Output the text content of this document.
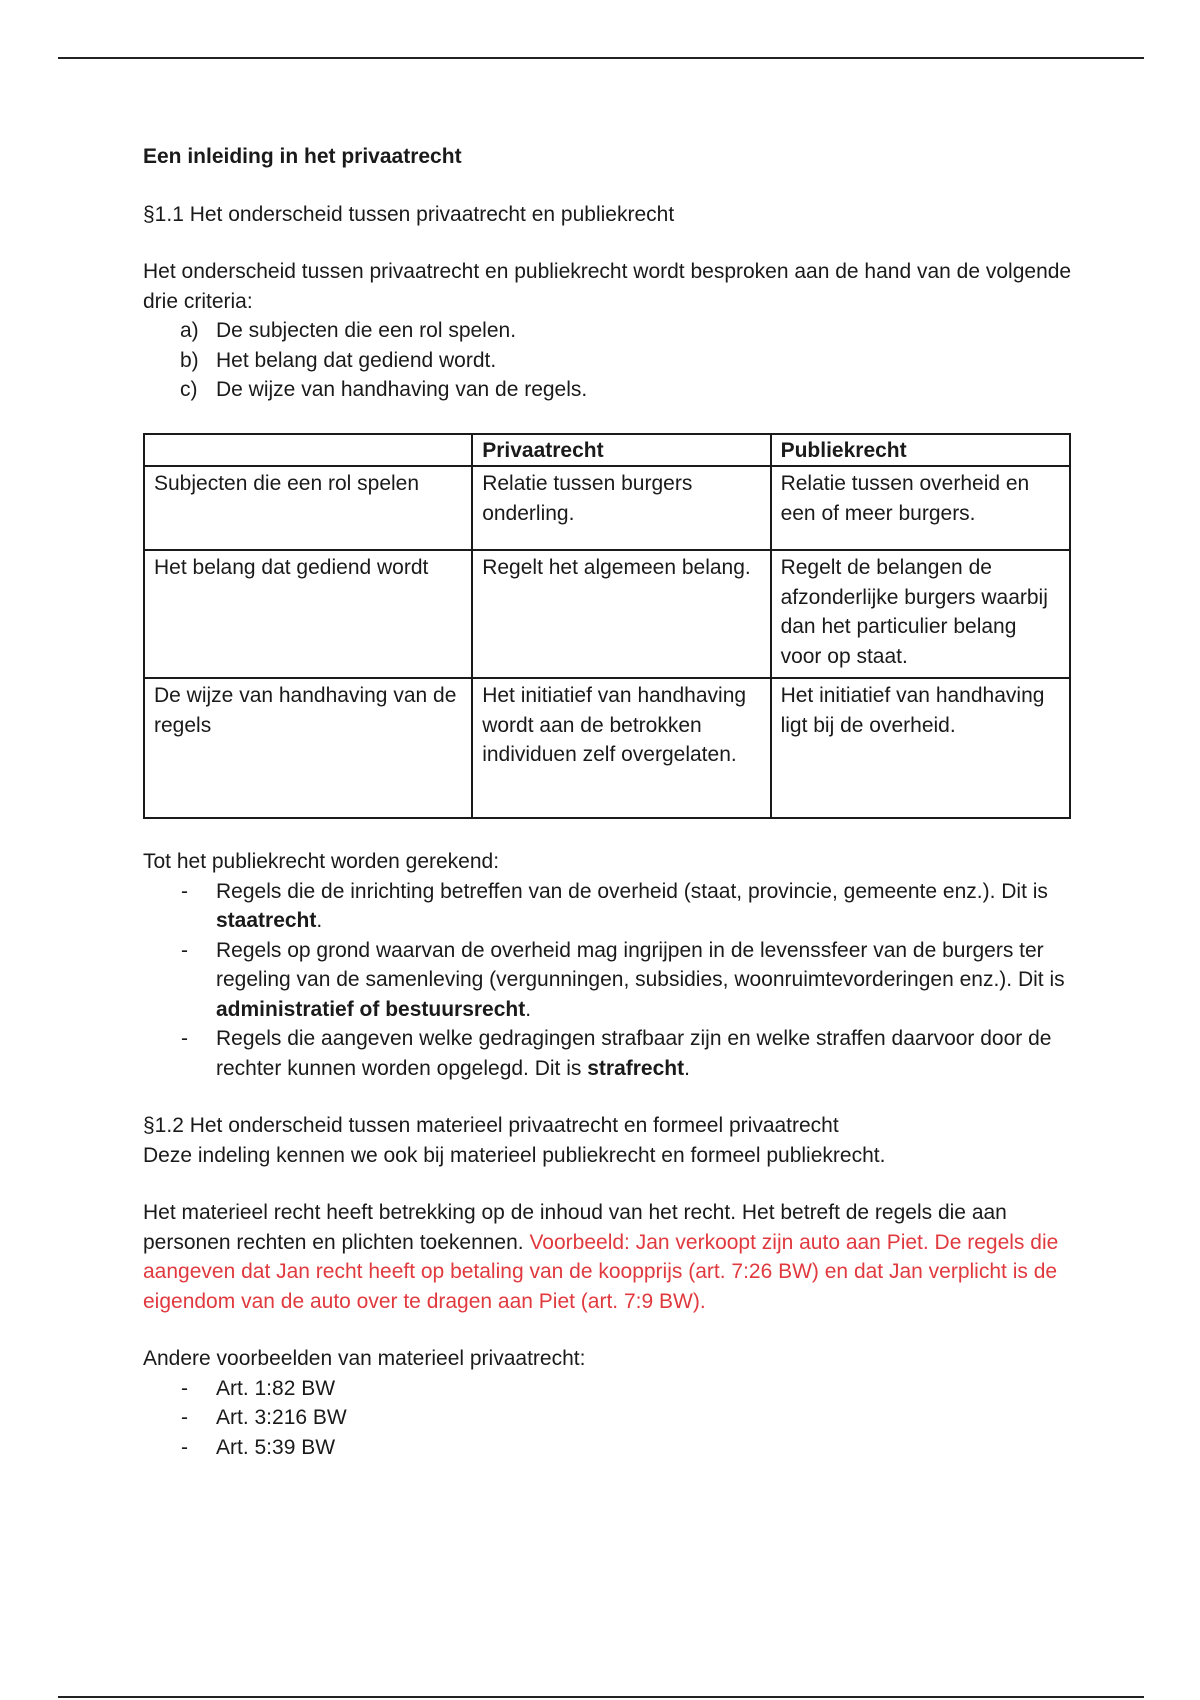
Een inleiding in het privaatrecht

§1.1 Het onderscheid tussen privaatrecht en publiekrecht

Het onderscheid tussen privaatrecht en publiekrecht wordt besproken aan de hand van de volgende drie criteria:

a) De subjecten die een rol spelen.
b) Het belang dat gediend wordt.
c) De wijze van handhaving van de regels.
	Privaatrecht	Publiekrecht
Subjecten die een rol spelen	Relatie tussen burgers onderling.	Relatie tussen overheid en een of meer burgers.
Het belang dat gediend wordt	Regelt het algemeen belang.	Regelt de belangen de afzonderlijke burgers waarbij dan het particulier belang voor op staat.
De wijze van handhaving van de regels	Het initiatief van handhaving wordt aan de betrokken individuen zelf overgelaten.	Het initiatief van handhaving ligt bij de overheid.

Tot het publiekrecht worden gerekend:

- Regels die de inrichting betreffen van de overheid (staat, provincie, gemeente enz.). Dit is staatrecht.
- Regels op grond waarvan de overheid mag ingrijpen in de levenssfeer van de burgers ter regeling van de samenleving (vergunningen, subsidies, woonruimtevorderingen enz.). Dit is administratief of bestuursrecht.
- Regels die aangeven welke gedragingen strafbaar zijn en welke straffen daarvoor door de rechter kunnen worden opgelegd. Dit is strafrecht.

§1.2 Het onderscheid tussen materieel privaatrecht en formeel privaatrecht

Deze indeling kennen we ook bij materieel publiekrecht en formeel publiekrecht.

Het materieel recht heeft betrekking op de inhoud van het recht. Het betreft de regels die aan personen rechten en plichten toekennen. Voorbeeld: Jan verkoopt zijn auto aan Piet. De regels die aangeven dat Jan recht heeft op betaling van de koopprijs (art. 7:26 BW) en dat Jan verplicht is de eigendom van de auto over te dragen aan Piet (art. 7:9 BW).

Andere voorbeelden van materieel privaatrecht:

- Art. 1:82 BW
- Art. 3:216 BW
- Art. 5:39 BW
